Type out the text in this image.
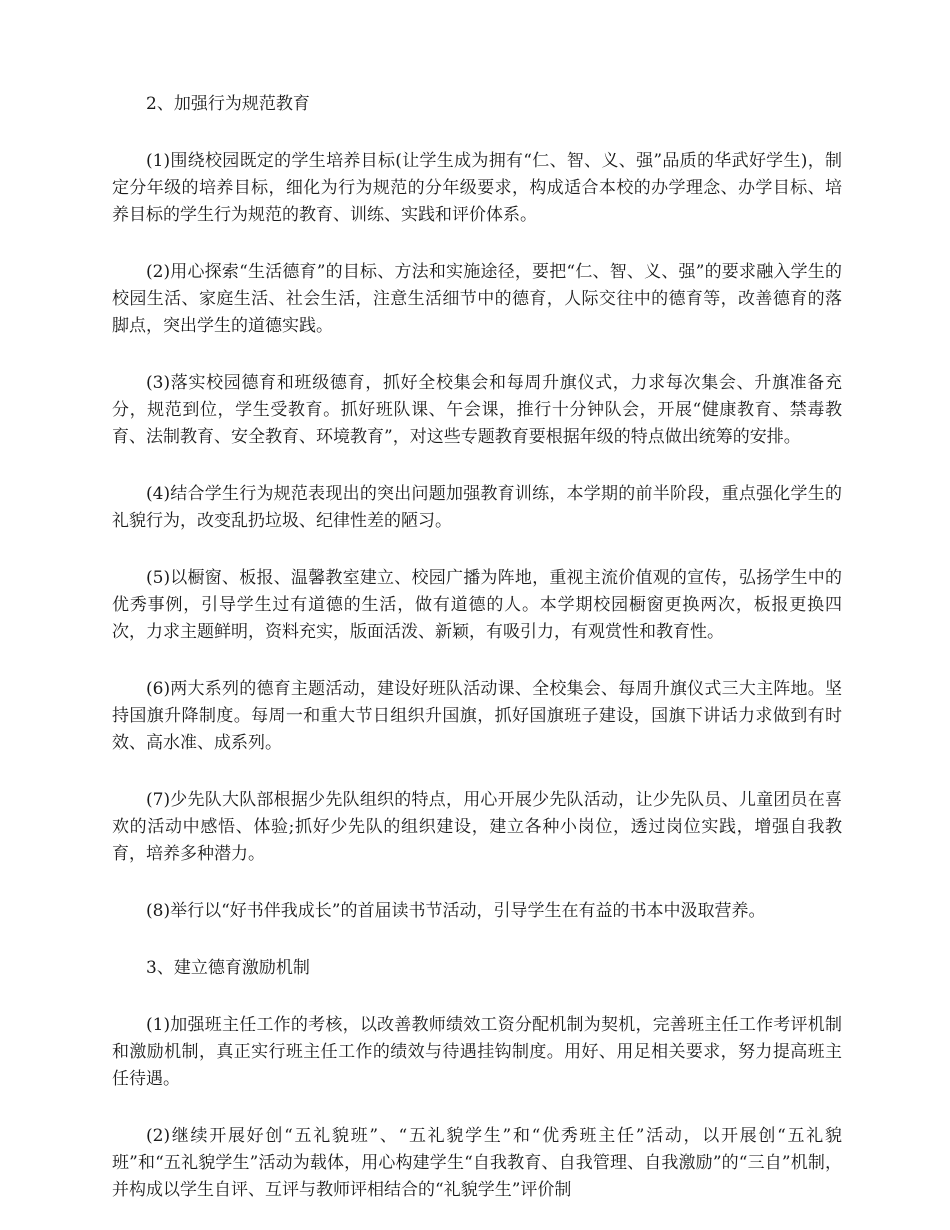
2、加强行为规范教育

(1)围绕校园既定的学生培养目标(让学生成为拥有“仁、智、义、强”品质的华武好学生)，制定分年级的培养目标，细化为行为规范的分年级要求，构成适合本校的办学理念、办学目标、培养目标的学生行为规范的教育、训练、实践和评价体系。

(2)用心探索“生活德育”的目标、方法和实施途径，要把“仁、智、义、强”的要求融入学生的校园生活、家庭生活、社会生活，注意生活细节中的德育，人际交往中的德育等，改善德育的落脚点，突出学生的道德实践。

(3)落实校园德育和班级德育，抓好全校集会和每周升旗仪式，力求每次集会、升旗准备充分，规范到位，学生受教育。抓好班队课、午会课，推行十分钟队会，开展“健康教育、禁毒教育、法制教育、安全教育、环境教育”，对这些专题教育要根据年级的特点做出统筹的安排。

(4)结合学生行为规范表现出的突出问题加强教育训练，本学期的前半阶段，重点强化学生的礼貌行为，改变乱扔垃圾、纪律性差的陋习。

(5)以橱窗、板报、温馨教室建立、校园广播为阵地，重视主流价值观的宣传，弘扬学生中的优秀事例，引导学生过有道德的生活，做有道德的人。本学期校园橱窗更换两次，板报更换四次，力求主题鲜明，资料充实，版面活泼、新颖，有吸引力，有观赏性和教育性。

(6)两大系列的德育主题活动，建设好班队活动课、全校集会、每周升旗仪式三大主阵地。坚持国旗升降制度。每周一和重大节日组织升国旗，抓好国旗班子建设，国旗下讲话力求做到有时效、高水准、成系列。

(7)少先队大队部根据少先队组织的特点，用心开展少先队活动，让少先队员、儿童团员在喜欢的活动中感悟、体验;抓好少先队的组织建设，建立各种小岗位，透过岗位实践，增强自我教育，培养多种潜力。

(8)举行以“好书伴我成长”的首届读书节活动，引导学生在有益的书本中汲取营养。

3、建立德育激励机制

(1)加强班主任工作的考核，以改善教师绩效工资分配机制为契机，完善班主任工作考评机制和激励机制，真正实行班主任工作的绩效与待遇挂钩制度。用好、用足相关要求，努力提高班主任待遇。

(2)继续开展好创“五礼貌班”、“五礼貌学生”和“优秀班主任”活动，以开展创“五礼貌班”和“五礼貌学生”活动为载体，用心构建学生“自我教育、自我管理、自我激励”的“三自”机制，并构成以学生自评、互评与教师评相结合的“礼貌学生”评价制
